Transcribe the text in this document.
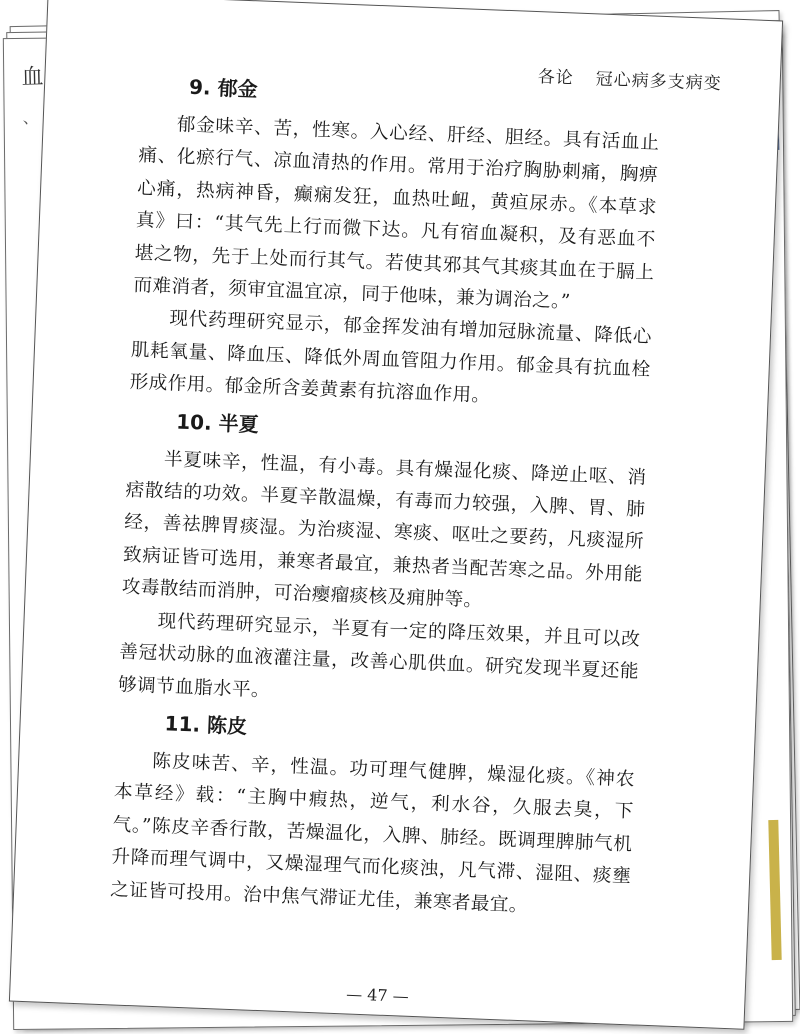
血
、
各论 冠心病多支病变
9. 郁金

郁金味辛、苦，性寒。入心经、肝经、胆经。具有活血止痛、化瘀行气、凉血清热的作用。常用于治疗胸胁刺痛，胸痹心痛，热病神昏，癫痫发狂，血热吐衄，黄疸尿赤。《本草求真》曰：“其气先上行而微下达。凡有宿血凝积，及有恶血不堪之物，先于上处而行其气。若使其邪其气其痰其血在于膈上而难消者，须审宜温宜凉，同于他味，兼为调治之。”

现代药理研究显示，郁金挥发油有增加冠脉流量、降低心肌耗氧量、降血压、降低外周血管阻力作用。郁金具有抗血栓形成作用。郁金所含姜黄素有抗溶血作用。

10. 半夏

半夏味辛，性温，有小毒。具有燥湿化痰、降逆止呕、消痞散结的功效。半夏辛散温燥，有毒而力较强，入脾、胃、肺经，善祛脾胃痰湿。为治痰湿、寒痰、呕吐之要药，凡痰湿所致病证皆可选用，兼寒者最宜，兼热者当配苦寒之品。外用能攻毒散结而消肿，可治瘿瘤痰核及痈肿等。

现代药理研究显示，半夏有一定的降压效果，并且可以改善冠状动脉的血液灌注量，改善心肌供血。研究发现半夏还能够调节血脂水平。

11. 陈皮

陈皮味苦、辛，性温。功可理气健脾，燥湿化痰。《神农本草经》载：“主胸中瘕热，逆气，利水谷，久服去臭，下气。”陈皮辛香行散，苦燥温化，入脾、肺经。既调理脾肺气机升降而理气调中，又燥湿理气而化痰浊，凡气滞、湿阻、痰壅之证皆可投用。治中焦气滞证尤佳，兼寒者最宜。

— 47 —
